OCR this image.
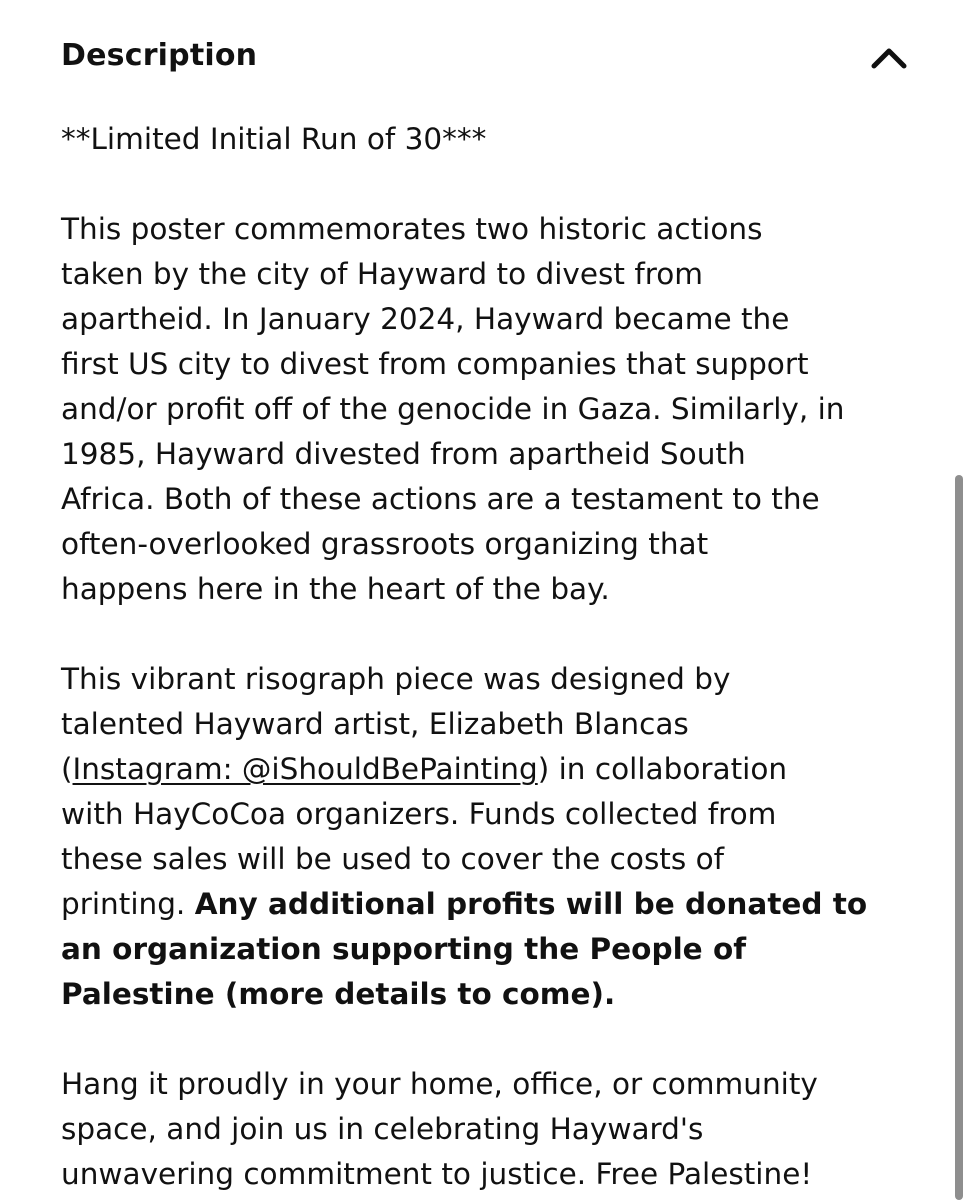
Description

**Limited Initial Run of 30***

This poster commemorates two historic actions
taken by the city of Hayward to divest from
apartheid. In January 2024, Hayward became the
first US city to divest from companies that support
and/or profit off of the genocide in Gaza. Similarly, in
1985, Hayward divested from apartheid South
Africa. Both of these actions are a testament to the
often-overlooked grassroots organizing that
happens here in the heart of the bay.

This vibrant risograph piece was designed by
talented Hayward artist, Elizabeth Blancas
(Instagram: @iShouldBePainting) in collaboration
with HayCoCoa organizers. Funds collected from
these sales will be used to cover the costs of
printing. Any additional profits will be donated to
an organization supporting the People of
Palestine (more details to come).

Hang it proudly in your home, office, or community
space, and join us in celebrating Hayward's
unwavering commitment to justice. Free Palestine!
